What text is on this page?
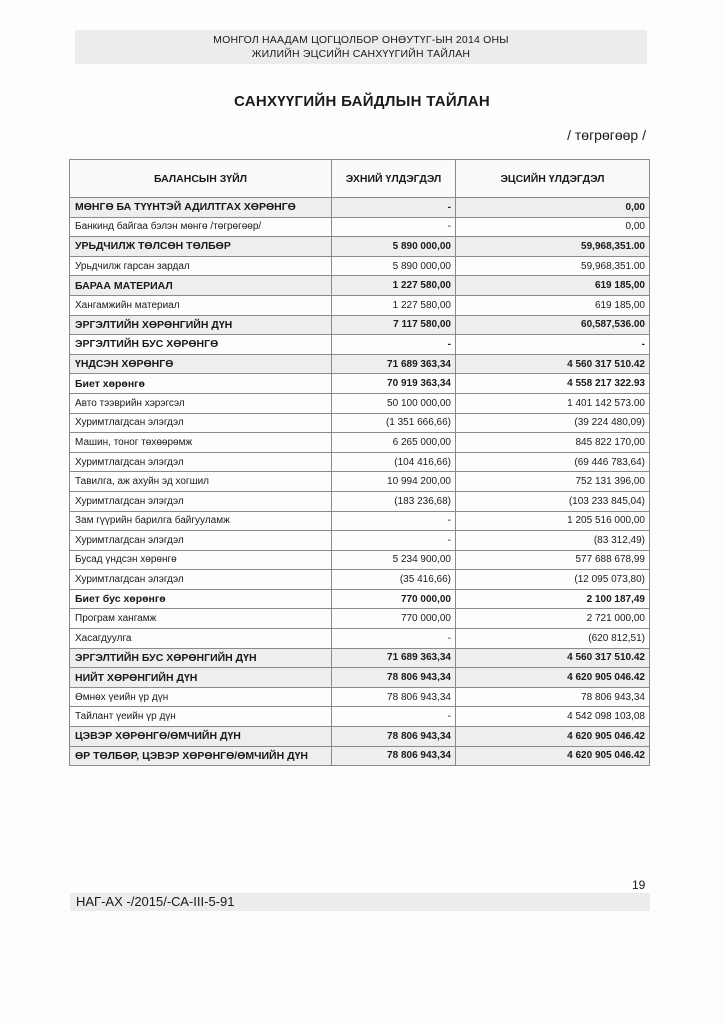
МОНГОЛ НААДАМ ЦОГЦОЛБОР ОНӨУТҮГ-ЫН 2014 ОНЫ
ЖИЛИЙН ЭЦСИЙН САНХҮҮГИЙН ТАЙЛАН
САНХҮҮГИЙН БАЙДЛЫН ТАЙЛАН
/ төгрөгөөр /
БАЛАНСЫН ЗҮЙЛ	ЭХНИЙ ҮЛДЭГДЭЛ	ЭЦСИЙН ҮЛДЭГДЭЛ
МӨНГӨ БА ТҮҮНТЭЙ АДИЛТГАХ ХӨРӨНГӨ	-	0,00
Банкинд байгаа бэлэн мөнгө /төгрөгөөр/	-	0,00
УРЬДЧИЛЖ ТӨЛСӨН ТӨЛБӨР	5 890 000,00	59,968,351.00
Урьдчилж гарсан зардал	5 890 000,00	59,968,351.00
БАРАА МАТЕРИАЛ	1 227 580,00	619 185,00
Хангамжийн материал	1 227 580,00	619 185,00
ЭРГЭЛТИЙН ХӨРӨНГИЙН ДҮН	7 117 580,00	60,587,536.00
ЭРГЭЛТИЙН БУС ХӨРӨНГӨ	-	-
ҮНДСЭН ХӨРӨНГӨ	71 689 363,34	4 560 317 510.42
Биет хөрөнгө	70 919 363,34	4 558 217 322.93
Авто тээврийн хэрэгсэл	50 100 000,00	1 401 142 573.00
Хуримтлагдсан элэгдэл	(1 351 666,66)	(39 224 480,09)
Машин, тоног төхөөрөмж	6 265 000,00	845 822 170,00
Хуримтлагдсан элэгдэл	(104 416,66)	(69 446 783,64)
Тавилга, аж ахуйн эд хогшил	10 994 200,00	752 131 396,00
Хуримтлагдсан элэгдэл	(183 236,68)	(103 233 845,04)
Зам гүүрийн барилга байгууламж	-	1 205 516 000,00
Хуримтлагдсан элэгдэл	-	(83 312,49)
Бусад үндсэн хөрөнгө	5 234 900,00	577 688 678,99
Хуримтлагдсан элэгдэл	(35 416,66)	(12 095 073,80)
Биет бус хөрөнгө	770 000,00	2 100 187,49
Програм хангамж	770 000,00	2 721 000,00
Хасагдуулга	-	(620 812,51)
ЭРГЭЛТИЙН БУС ХӨРӨНГИЙН ДҮН	71 689 363,34	4 560 317 510.42
НИЙТ ХӨРӨНГИЙН ДҮН	78 806 943,34	4 620 905 046.42
Өмнөх үеийн үр дүн	78 806 943,34	78 806 943,34
Тайлант үеийн үр дүн	-	4 542 098 103,08
ЦЭВЭР ХӨРӨНГӨ/ӨМЧИЙН ДҮН	78 806 943,34	4 620 905 046.42
ӨР ТӨЛБӨР, ЦЭВЭР ХӨРӨНГӨ/ӨМЧИЙН ДҮН	78 806 943,34	4 620 905 046.42
19
НАГ-АХ -/2015/-СА-III-5-91
